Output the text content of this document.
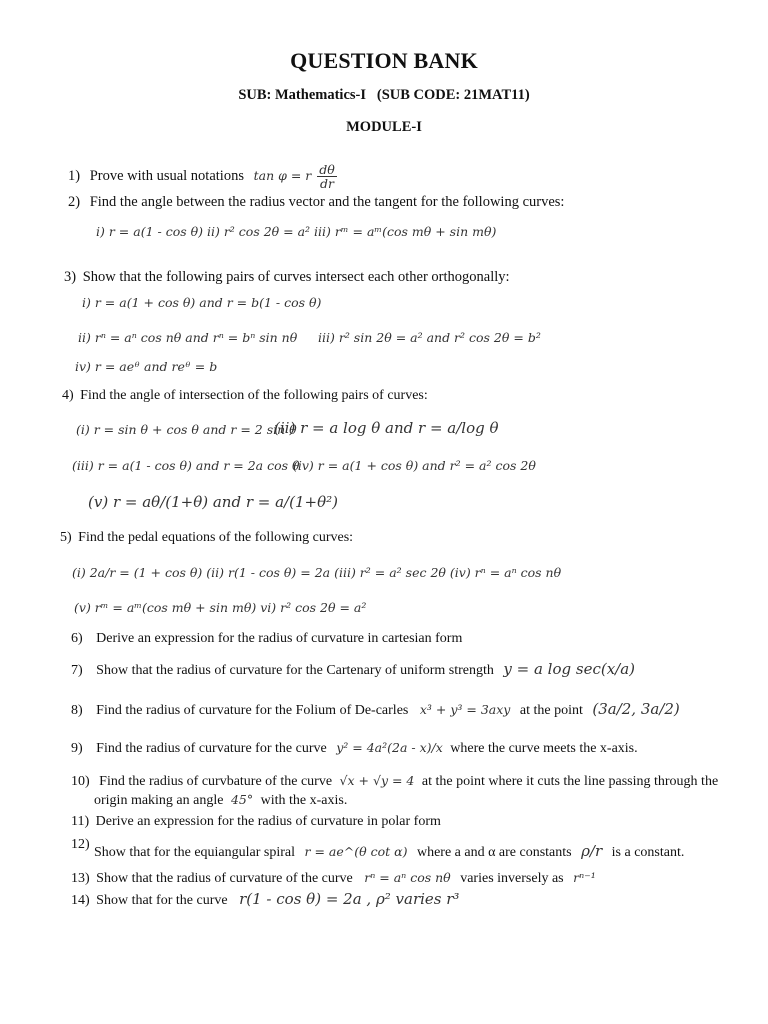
QUESTION BANK
SUB: Mathematics-I   (SUB CODE: 21MAT11)
MODULE-I
1) Prove with usual notations tan φ = r $\frac{d\theta}{dr}$
2) Find the angle between the radius vector and the tangent for the following curves:
i) r = a(1 - cos θ) ii) r² cos 2θ = a² iii) rᵐ = aᵐ(cos mθ + sin mθ)
3) Show that the following pairs of curves intersect each other orthogonally:
i) r = a(1 + cos θ) and r = b(1 - cos θ)
ii) rⁿ = aⁿ cos nθ and rⁿ = bⁿ sin nθ iii) r² sin 2θ = a² and r² cos 2θ = b²
iv) r = aeᶿ and reᶿ = b
4) Find the angle of intersection of the following pairs of curves:
(i) r = sin θ + cos θ and r = 2 sin θ
(ii) r = a log θ and r = a/log θ
(iii) r = a(1 - cos θ) and r = 2a cos θ
(iv) r = a(1 + cos θ) and r² = a² cos 2θ
(v) r = aθ/(1+θ) and r = a/(1+θ²)
5) Find the pedal equations of the following curves:
(i) 2a/r = (1 + cos θ) (ii) r(1 - cos θ) = 2a (iii) r² = a² sec 2θ (iv) rⁿ = aⁿ cos nθ
(v) rᵐ = aᵐ(cos mθ + sin mθ) vi) r² cos 2θ = a²
6) Derive an expression for the radius of curvature in cartesian form
7) Show that the radius of curvature for the Cartenary of uniform strength y = a log sec(x/a)
8) Find the radius of curvature for the Folium of De-carles x³ + y³ = 3axy at the point (3a/2, 3a/2)
9) Find the radius of curvature for the curve y² = 4a²(2a - x)/x where the curve meets the x-axis.
10) Find the radius of curvbature of the curve √x + √y = 4 at the point where it cuts the line passing through the
origin making an angle 45° with the x-axis.
11) Derive an expression for the radius of curvature in polar form
12)
Show that for the equiangular spiral r = ae^(θ cot α) where a and α are constants ρ/r is a constant.
13) Show that the radius of curvature of the curve rⁿ = aⁿ cos nθ varies inversely as rⁿ⁻¹
14) Show that for the curve r(1 - cos θ) = 2a , ρ² varies r³
